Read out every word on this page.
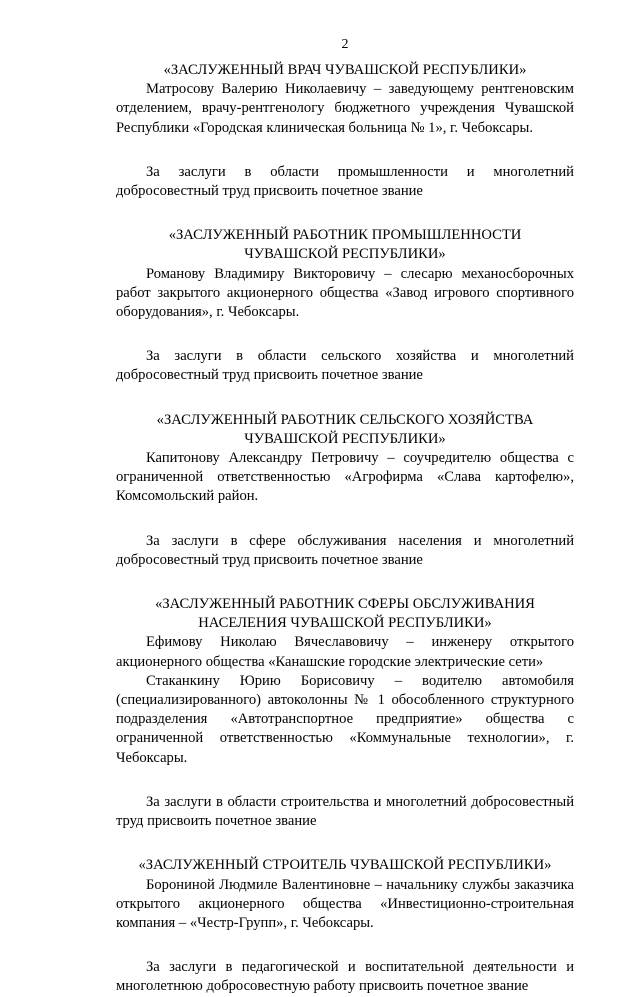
2
«ЗАСЛУЖЕННЫЙ ВРАЧ ЧУВАШСКОЙ РЕСПУБЛИКИ»

Матросову Валерию Николаевичу – заведующему рентгеновским отделением, врачу-рентгенологу бюджетного учреждения Чувашской Республики «Городская клиническая больница № 1», г. Чебоксары.

За заслуги в области промышленности и многолетний добросовестный труд присвоить почетное звание

«ЗАСЛУЖЕННЫЙ РАБОТНИК ПРОМЫШЛЕННОСТИ
ЧУВАШСКОЙ РЕСПУБЛИКИ»

Романову Владимиру Викторовичу – слесарю механосборочных работ закрытого акционерного общества «Завод игрового спортивного оборудования», г. Чебоксары.

За заслуги в области сельского хозяйства и многолетний добросовестный труд присвоить почетное звание

«ЗАСЛУЖЕННЫЙ РАБОТНИК СЕЛЬСКОГО ХОЗЯЙСТВА
ЧУВАШСКОЙ РЕСПУБЛИКИ»

Капитонову Александру Петровичу – соучредителю общества с ограниченной ответственностью «Агрофирма «Слава картофелю», Комсомольский район.

За заслуги в сфере обслуживания населения и многолетний добросовестный труд присвоить почетное звание

«ЗАСЛУЖЕННЫЙ РАБОТНИК СФЕРЫ ОБСЛУЖИВАНИЯ
НАСЕЛЕНИЯ ЧУВАШСКОЙ РЕСПУБЛИКИ»

Ефимову Николаю Вячеславовичу – инженеру открытого акционерного общества «Канашские городские электрические сети»

Стаканкину Юрию Борисовичу – водителю автомобиля (специализированного) автоколонны № 1 обособленного структурного подразделения «Автотранспортное предприятие» общества с ограниченной ответственностью «Коммунальные технологии», г. Чебоксары.

За заслуги в области строительства и многолетний добросовестный труд присвоить почетное звание

«ЗАСЛУЖЕННЫЙ СТРОИТЕЛЬ ЧУВАШСКОЙ РЕСПУБЛИКИ»

Борониной Людмиле Валентиновне – начальнику службы заказчика открытого акционерного общества «Инвестиционно-строительная компания – «Честр-Групп», г. Чебоксары.

За заслуги в педагогической и воспитательной деятельности и многолетнюю добросовестную работу присвоить почетное звание
